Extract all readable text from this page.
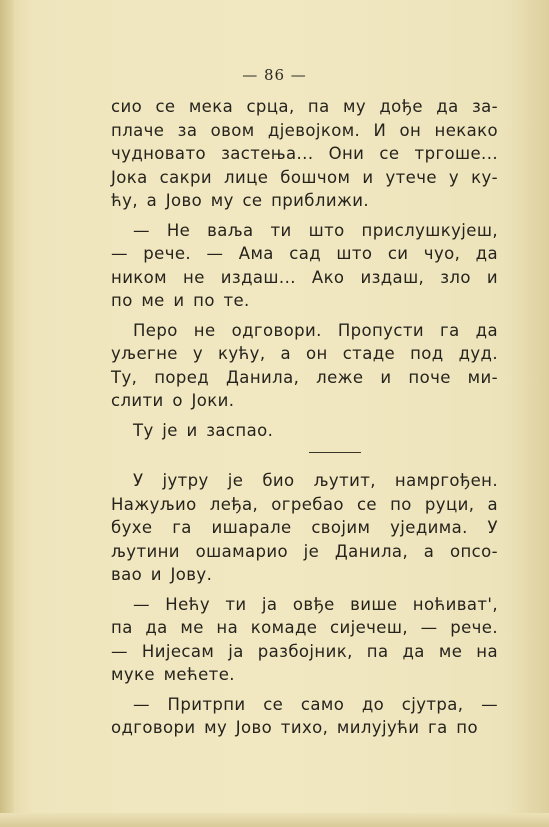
— 86 —
сио се мека срца, па му дође да за-
плаче за овом дјевојком. И он некако
чудновато застења... Они се тргоше...
Јока сакри лице бошчом и утече у ку-
ћу, а Јово му се приближи.
— Не ваља ти што прислушкујеш,
— рече. — Ама сад што си чуо, да
ником не издаш... Ако издаш, зло и
по ме и по те.
Перо не одговори. Пропусти га да
уљегне у кућу, а он стаде под дуд.
Ту, поред Данила, леже и поче ми-
слити о Јоки.
Ту је и заспао.
У јутру је био љутит, намргођен.
Нажуљио леђа, огребао се по руци, а
бухе га ишарале својим уједима. У
љутини ошамарио је Данила, а опсо-
вао и Јову.
— Нећу ти ја овђе више ноћиват',
па да ме на комаде сијечеш, — рече.
— Нијесам ја разбојник, па да ме на
муке мећете.
— Притрпи се само до сјутра, —
одговори му Јово тихо, милујући га по
